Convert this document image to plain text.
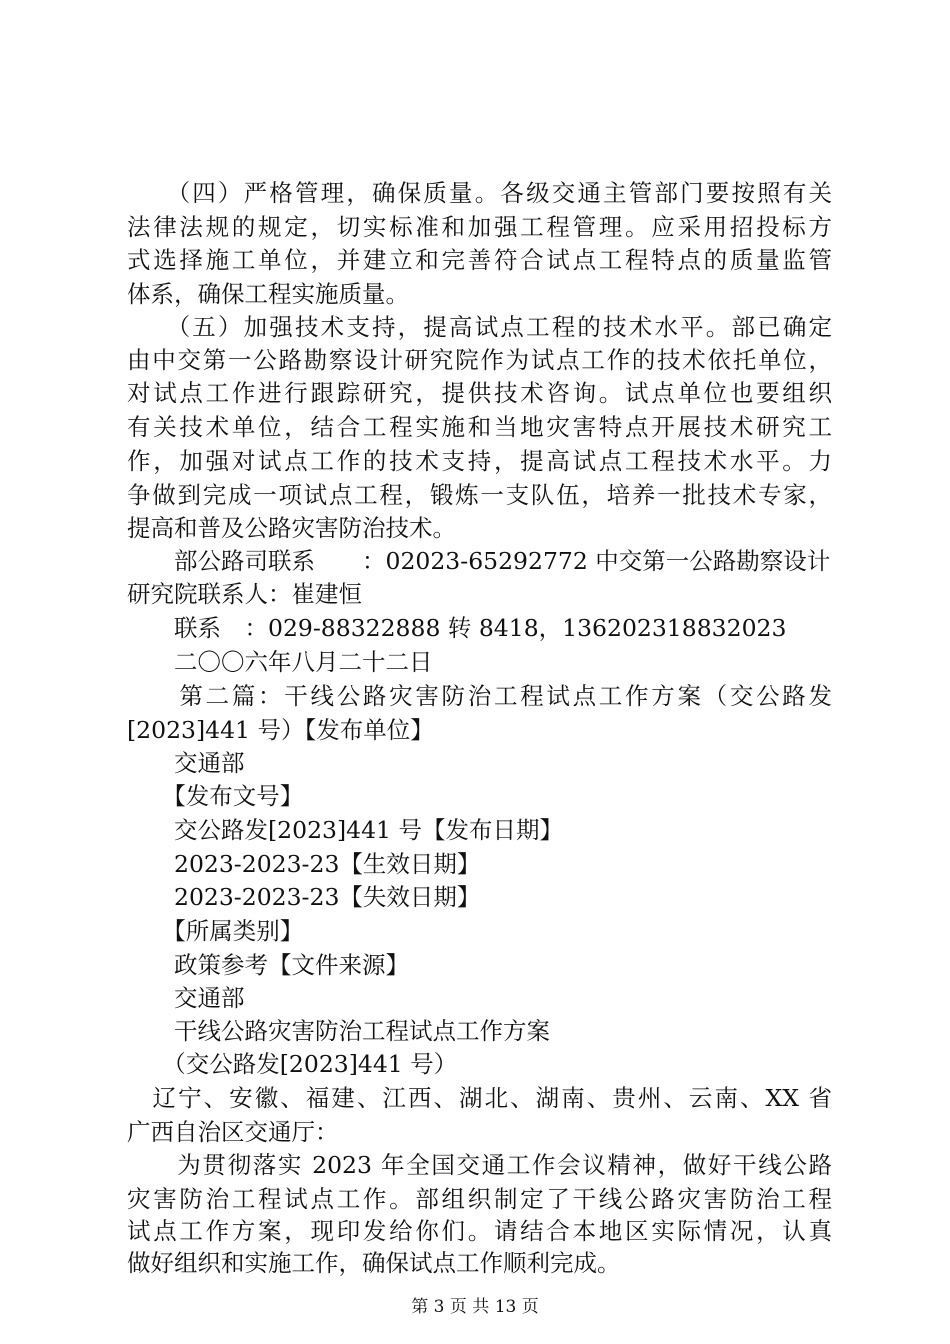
　　（四）严格管理，确保质量。各级交通主管部门要按照有关
法律法规的规定，切实标准和加强工程管理。应采用招投标方
式选择施工单位，并建立和完善符合试点工程特点的质量监管
体系，确保工程实施质量。
　　（五）加强技术支持，提高试点工程的技术水平。部已确定
由中交第一公路勘察设计研究院作为试点工作的技术依托单位，
对试点工作进行跟踪研究，提供技术咨询。试点单位也要组织
有关技术单位，结合工程实施和当地灾害特点开展技术研究工
作，加强对试点工作的技术支持，提高试点工程技术水平。力
争做到完成一项试点工程，锻炼一支队伍，培养一批技术专家，
提高和普及公路灾害防治技术。
　　部公路司联系　　：02023-65292772 中交第一公路勘察设计
研究院联系人：崔建恒
　　联系　：029-88322888 转 8418，136202318832023
　　二〇〇六年八月二十二日
　　第二篇：干线公路灾害防治工程试点工作方案（交公路发
[2023]441 号）【发布单位】
　　交通部
　　【发布文号】
　　交公路发[2023]441 号【发布日期】
　　2023-2023-23【生效日期】
　　2023-2023-23【失效日期】
　　【所属类别】
　　政策参考【文件来源】
　　交通部
　　干线公路灾害防治工程试点工作方案
　　（交公路发[2023]441 号）
　辽宁、安徽、福建、江西、湖北、湖南、贵州、云南、XX 省
广西自治区交通厅：
　　为贯彻落实 2023 年全国交通工作会议精神，做好干线公路
灾害防治工程试点工作。部组织制定了干线公路灾害防治工程
试点工作方案，现印发给你们。请结合本地区实际情况，认真
做好组织和实施工作，确保试点工作顺利完成。
第 3 页 共 13 页
